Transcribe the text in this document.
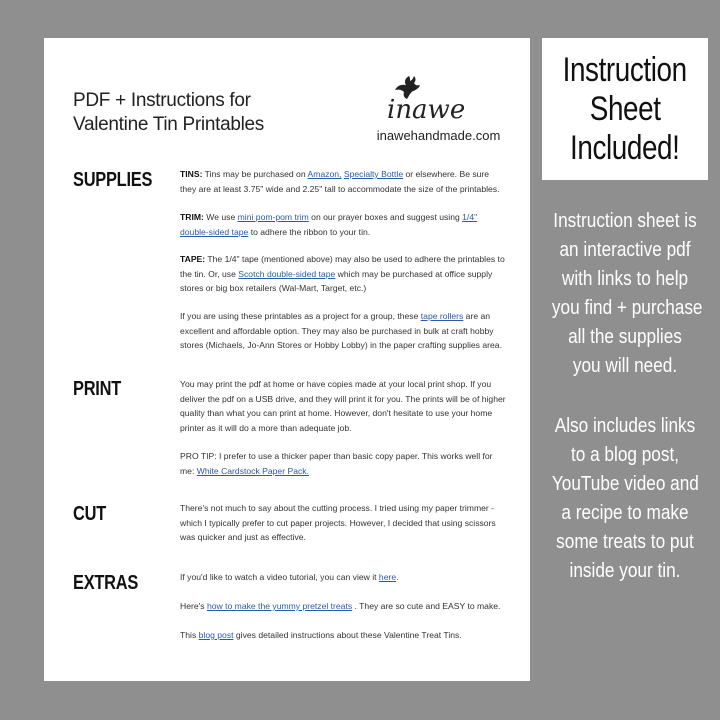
PDF + Instructions for
Valentine Tin Printables	inawe
inawehandmade.com
SUPPLIES	TINS: Tins may be purchased on Amazon, Specialty Bottle or elsewhere. Be sure they are at least 3.75" wide and 2.25" tall to accommodate the size of the printables.
TRIM: We use mini pom-pom trim on our prayer boxes and suggest using 1/4" double-sided tape to adhere the ribbon to your tin.
TAPE: The 1/4" tape (mentioned above) may also be used to adhere the printables to the tin. Or, use Scotch double-sided tape which may be purchased at office supply stores or big box retailers (Wal-Mart, Target, etc.)
If you are using these printables as a project for a group, these tape rollers are an excellent and affordable option. They may also be purchased in bulk at craft hobby stores (Michaels, Jo-Ann Stores or Hobby Lobby) in the paper crafting supplies area.
PRINT	You may print the pdf at home or have copies made at your local print shop. If you deliver the pdf on a USB drive, and they will print it for you. The prints will be of higher quality than what you can print at home. However, don't hesitate to use your home printer as it will do a more than adequate job.
PRO TIP: I prefer to use a thicker paper than basic copy paper. This works well for me: White Cardstock Paper Pack.
CUT	There's not much to say about the cutting process. I tried using my paper trimmer - which I typically prefer to cut paper projects. However, I decided that using scissors was quicker and just as effective.
EXTRAS	If you'd like to watch a video tutorial, you can view it here.
Here's how to make the yummy pretzel treats . They are so cute and EASY to make.
This blog post gives detailed instructions about these Valentine Treat Tins.
Instruction
Sheet
Included!
Instruction sheet is
an interactive pdf
with links to help
you find + purchase
all the supplies
you will need.
Also includes links
to a blog post,
YouTube video and
a recipe to make
some treats to put
inside your tin.
